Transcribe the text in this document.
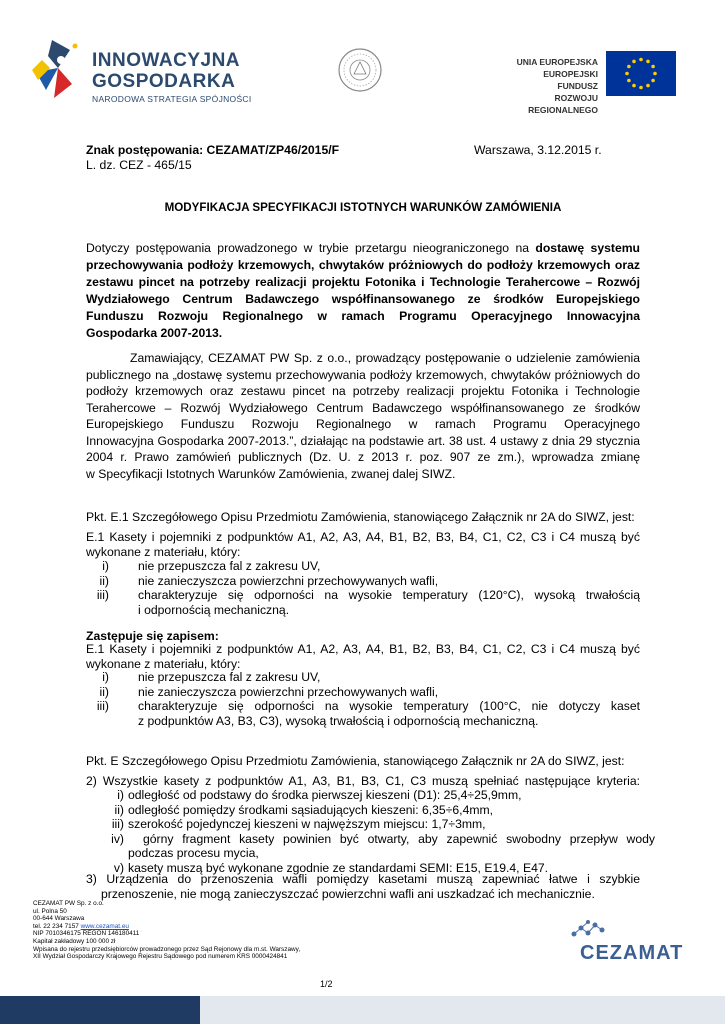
INNOWACYJNA
GOSPODARKA
NARODOWA STRATEGIA SPÓJNOŚCI
UNIA EUROPEJSKA
EUROPEJSKI FUNDUSZ
ROZWOJU REGIONALNEGO
Znak postępowania: CEZAMAT/ZP46/2015/F	Warszawa, 3.12.2015 r.
L. dz. CEZ - 465/15
MODYFIKACJA SPECYFIKACJI ISTOTNYCH WARUNKÓW ZAMÓWIENIA
Dotyczy postępowania prowadzonego w trybie przetargu nieograniczonego na dostawę systemu
przechowywania podłoży krzemowych, chwytaków próżniowych do podłoży krzemowych oraz
zestawu pincet na potrzeby realizacji projektu Fotonika i Technologie Terahercowe – Rozwój
Wydziałowego Centrum Badawczego współfinansowanego ze środków Europejskiego
Funduszu Rozwoju Regionalnego w ramach Programu Operacyjnego Innowacyjna
Gospodarka 2007-2013.
Zamawiający, CEZAMAT PW Sp. z o.o., prowadzący postępowanie o udzielenie zamówienia
publicznego na „dostawę systemu przechowywania podłoży krzemowych, chwytaków próżniowych do
podłoży krzemowych oraz zestawu pincet na potrzeby realizacji projektu Fotonika i Technologie
Terahercowe – Rozwój Wydziałowego Centrum Badawczego współfinansowanego ze środków
Europejskiego Funduszu Rozwoju Regionalnego w ramach Programu Operacyjnego
Innowacyjna Gospodarka 2007-2013.”, działając na podstawie art. 38 ust. 4 ustawy z dnia 29 stycznia
2004 r. Prawo zamówień publicznych (Dz. U. z 2013 r. poz. 907 ze zm.), wprowadza zmianę
w Specyfikacji Istotnych Warunków Zamówienia, zwanej dalej SIWZ.
Pkt. E.1 Szczegółowego Opisu Przedmiotu Zamówienia, stanowiącego Załącznik nr 2A do SIWZ, jest:
E.1 Kasety i pojemniki z podpunktów A1, A2, A3, A4, B1, B2, B3, B4, C1, C2, C3 i C4 muszą być
wykonane z materiału, który:
i) nie przepuszcza fal z zakresu UV,
ii) nie zanieczyszcza powierzchni przechowywanych wafli,
iii) charakteryzuje się odporności na wysokie temperatury (120°C), wysoką trwałością
i odpornością mechaniczną.
Zastępuje się zapisem:
E.1 Kasety i pojemniki z podpunktów A1, A2, A3, A4, B1, B2, B3, B4, C1, C2, C3 i C4 muszą być
wykonane z materiału, który:
i) nie przepuszcza fal z zakresu UV,
ii) nie zanieczyszcza powierzchni przechowywanych wafli,
iii) charakteryzuje się odporności na wysokie temperatury (100°C, nie dotyczy kaset
z podpunktów A3, B3, C3), wysoką trwałością i odpornością mechaniczną.
Pkt. E Szczegółowego Opisu Przedmiotu Zamówienia, stanowiącego Załącznik nr 2A do SIWZ, jest:
2) Wszystkie kasety z podpunktów A1, A3, B1, B3, C1, C3 muszą spełniać następujące kryteria:
i) odległość od podstawy do środka pierwszej kieszeni (D1): 25,4÷25,9mm,
ii) odległość pomiędzy środkami sąsiadujących kieszeni: 6,35÷6,4mm,
iii) szerokość pojedynczej kieszeni w najwęższym miejscu: 1,7÷3mm,
iv)	górny fragment kasety powinien być otwarty, aby zapewnić swobodny przepływ wody
podczas procesu mycia,
v) kasety muszą być wykonane zgodnie ze standardami SEMI: E15, E19.4, E47.
3) Urządzenia do przenoszenia wafli pomiędzy kasetami muszą zapewniać łatwe i szybkie
przenoszenie, nie mogą zanieczyszczać powierzchni wafli ani uszkadzać ich mechanicznie.
CEZAMAT PW Sp. z o.o.
ul. Polna 50
00-644 Warszawa
tel. 22 234 7157 www.cezamat.eu
NIP 7010346175 REGON 146180411
Kapitał zakładowy 100 000 zł
Wpisana do rejestru przedsiębiorców prowadzonego przez Sąd Rejonowy dla m.st. Warszawy,
XII Wydział Gospodarczy Krajowego Rejestru Sądowego pod numerem KRS 0000424841	CEZAMAT
1/2
